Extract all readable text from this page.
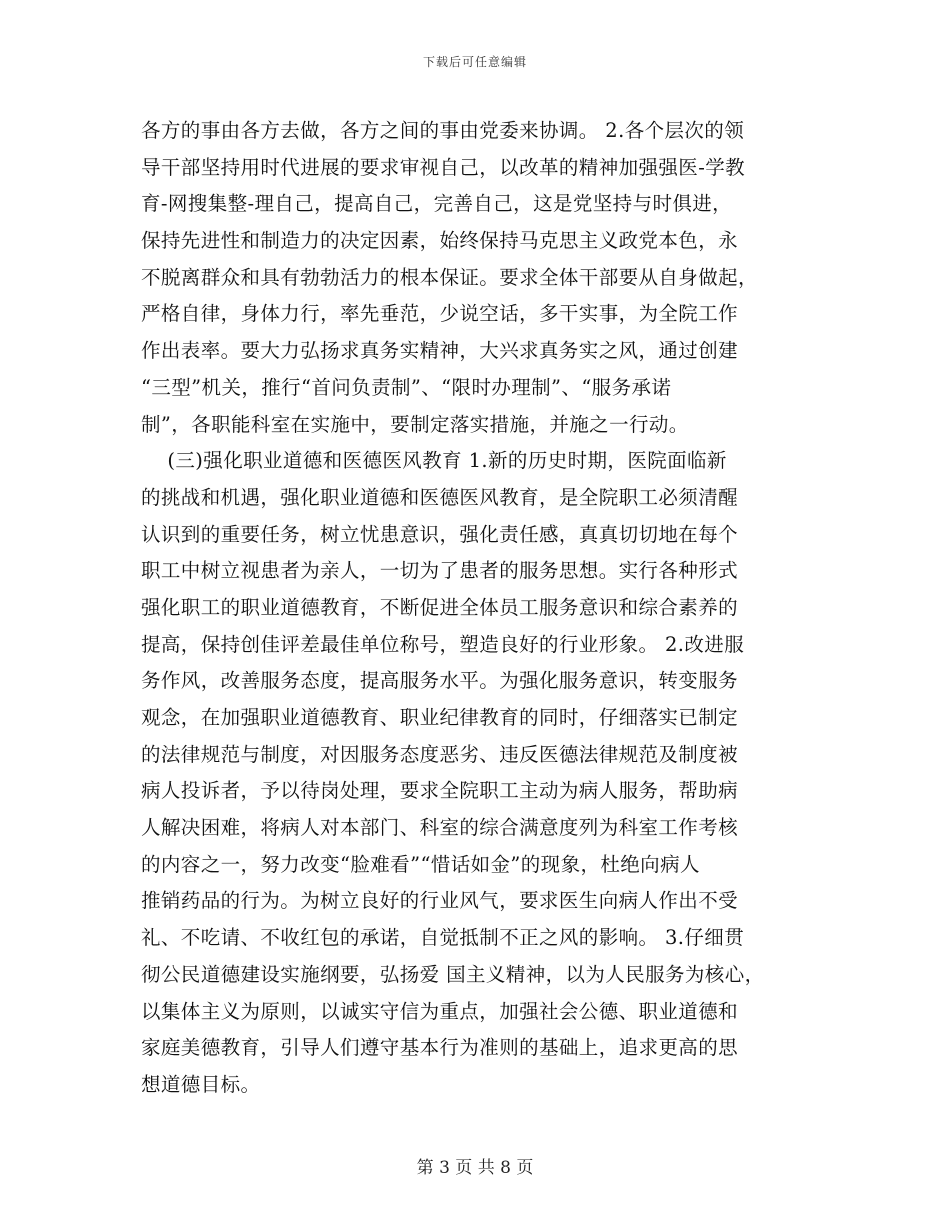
下载后可任意编辑
各方的事由各方去做，各方之间的事由党委来协调。 2.各个层次的领
导干部坚持用时代进展的要求审视自己，以改革的精神加强强医-学教
育-网搜集整-理自己，提高自己，完善自己，这是党坚持与时俱进，
保持先进性和制造力的决定因素，始终保持马克思主义政党本色，永
不脱离群众和具有勃勃活力的根本保证。要求全体干部要从自身做起，
严格自律，身体力行，率先垂范，少说空话，多干实事，为全院工作
作出表率。要大力弘扬求真务实精神，大兴求真务实之风，通过创建
“三型”机关，推行“首问负责制”、“限时办理制”、“服务承诺
制”，各职能科室在实施中，要制定落实措施，并施之一行动。
(三)强化职业道德和医德医风教育 1.新的历史时期，医院面临新
的挑战和机遇，强化职业道德和医德医风教育，是全院职工必须清醒
认识到的重要任务，树立忧患意识，强化责任感，真真切切地在每个
职工中树立视患者为亲人，一切为了患者的服务思想。实行各种形式
强化职工的职业道德教育，不断促进全体员工服务意识和综合素养的
提高，保持创佳评差最佳单位称号，塑造良好的行业形象。 2.改进服
务作风，改善服务态度，提高服务水平。为强化服务意识，转变服务
观念，在加强职业道德教育、职业纪律教育的同时，仔细落实已制定
的法律规范与制度，对因服务态度恶劣、违反医德法律规范及制度被
病人投诉者，予以待岗处理，要求全院职工主动为病人服务，帮助病
人解决困难，将病人对本部门、科室的综合满意度列为科室工作考核
的内容之一，努力改变“脸难看”“惜话如金”的现象，杜绝向病人
推销药品的行为。为树立良好的行业风气，要求医生向病人作出不受
礼、不吃请、不收红包的承诺，自觉抵制不正之风的影响。 3.仔细贯
彻公民道德建设实施纲要，弘扬爱 国主义精神，以为人民服务为核心，
以集体主义为原则，以诚实守信为重点，加强社会公德、职业道德和
家庭美德教育，引导人们遵守基本行为准则的基础上，追求更高的思
想道德目标。
第 3 页 共 8 页
